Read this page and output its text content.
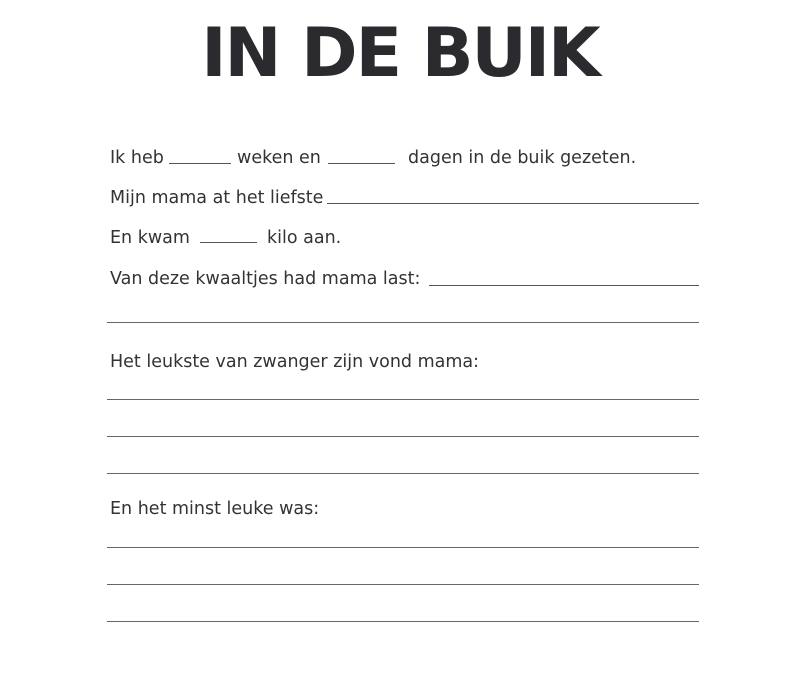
IN DE BUIK
Ik heb	weken en	dagen in de buik gezeten.
Mijn mama at het liefste
En kwam	kilo aan.
Van deze kwaaltjes had mama last:
Het leukste van zwanger zijn vond mama:
En het minst leuke was:
